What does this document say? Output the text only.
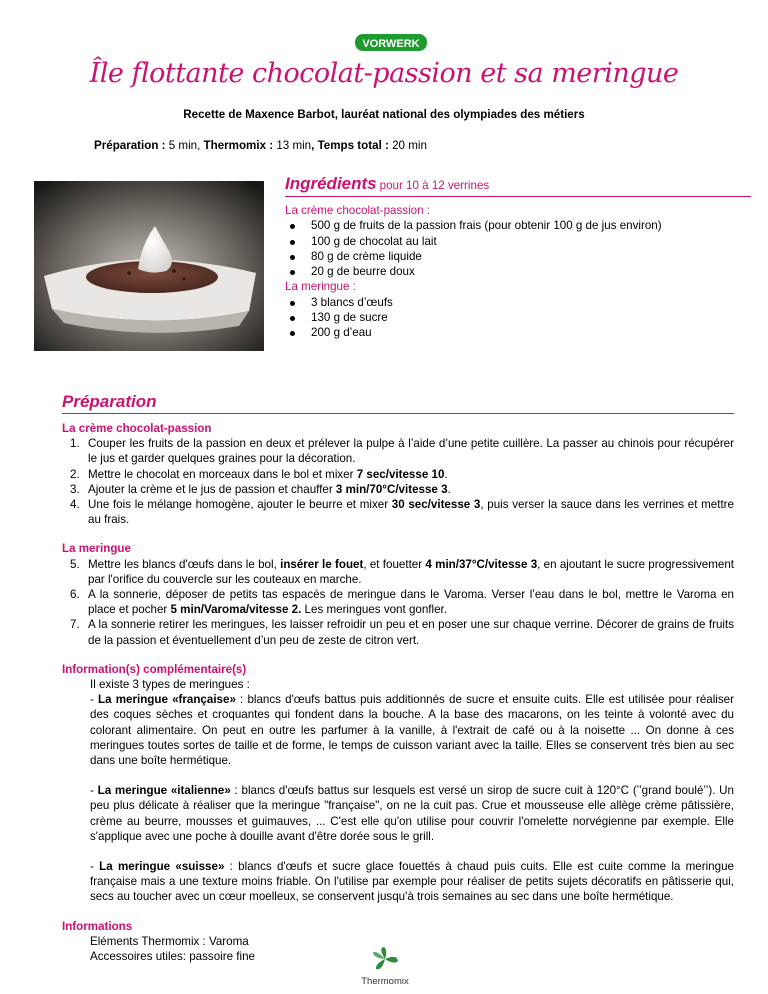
VORWERK
Île flottante chocolat-passion et sa meringue
Recette de Maxence Barbot, lauréat national des olympiades des métiers
Préparation : 5 min, Thermomix : 13 min, Temps total : 20 min
Ingrédients pour 10 à 12 verrines
La crème chocolat-passion :
500 g de fruits de la passion frais (pour obtenir 100 g de jus environ)
100 g de chocolat au lait
80 g de crème liquide
20 g de beurre doux
La meringue :
3 blancs d’œufs
130 g de sucre
200 g d’eau
Préparation
La crème chocolat-passion
1. Couper les fruits de la passion en deux et prélever la pulpe à l’aide d’une petite cuillère. La passer au chinois pour récupérer le jus et garder quelques graines pour la décoration.
2. Mettre le chocolat en morceaux dans le bol et mixer 7 sec/vitesse 10.
3. Ajouter la crème et le jus de passion et chauffer 3 min/70°C/vitesse 3.
4. Une fois le mélange homogène, ajouter le beurre et mixer 30 sec/vitesse 3, puis verser la sauce dans les verrines et mettre au frais.
La meringue
5. Mettre les blancs d'œufs dans le bol, insérer le fouet, et fouetter 4 min/37°C/vitesse 3, en ajoutant le sucre progressivement par l'orifice du couvercle sur les couteaux en marche.
6. A la sonnerie, déposer de petits tas espacés de meringue dans le Varoma. Verser l’eau dans le bol, mettre le Varoma en place et pocher 5 min/Varoma/vitesse 2. Les meringues vont gonfler.
7. A la sonnerie retirer les meringues, les laisser refroidir un peu et en poser une sur chaque verrine. Décorer de grains de fruits de la passion et éventuellement d’un peu de zeste de citron vert.
Information(s) complémentaire(s)
Il existe 3 types de meringues :

- La meringue «française» : blancs d'œufs battus puis additionnés de sucre et ensuite cuits. Elle est utilisée pour réaliser des coques sèches et croquantes qui fondent dans la bouche. A la base des macarons, on les teinte à volonté avec du colorant alimentaire. On peut en outre les parfumer à la vanille, à l'extrait de café ou à la noisette ... On donne à ces meringues toutes sortes de taille et de forme, le temps de cuisson variant avec la taille. Elles se conservent très bien au sec dans une boîte hermétique.

- La meringue «italienne» : blancs d'œufs battus sur lesquels est versé un sirop de sucre cuit à 120°C (’’grand boulé’’). Un peu plus délicate à réaliser que la meringue "française", on ne la cuit pas. Crue et mousseuse elle allège crème pâtissière, crème au beurre, mousses et guimauves, ... C'est elle qu'on utilise pour couvrir l'omelette norvégienne par exemple. Elle s'applique avec une poche à douille avant d'être dorée sous le grill.

- La meringue «suisse» : blancs d'œufs et sucre glace fouettés à chaud puis cuits. Elle est cuite comme la meringue française mais a une texture moins friable. On l'utilise par exemple pour réaliser de petits sujets décoratifs en pâtisserie qui, secs au toucher avec un cœur moelleux, se conservent jusqu'à trois semaines au sec dans une boîte hermétique.

Informations
Eléments Thermomix : Varoma
Accessoires utiles: passoire fine
Thermomix
